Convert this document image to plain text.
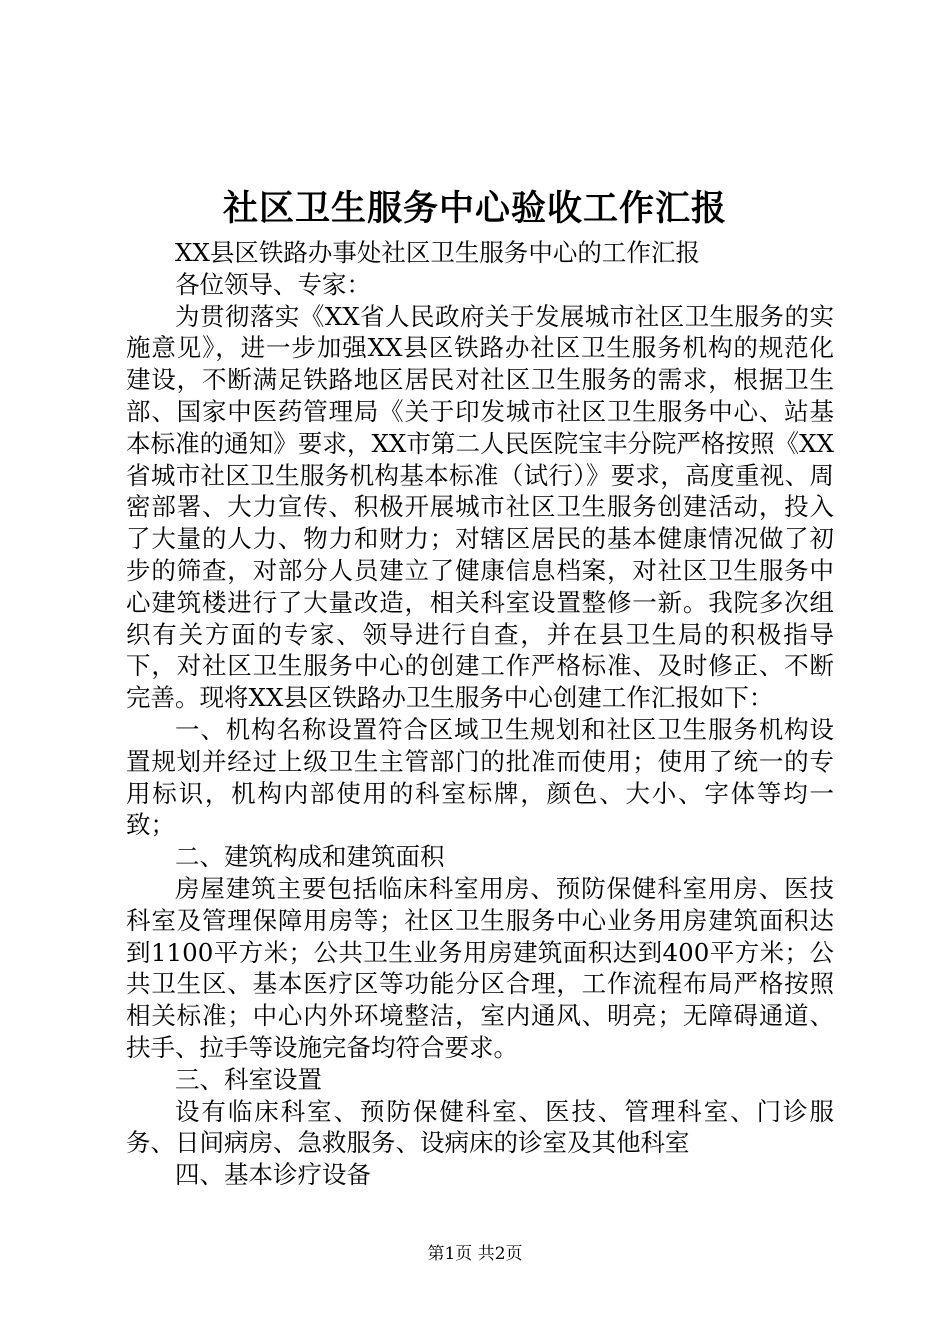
社区卫生服务中心验收工作汇报

XX县区铁路办事处社区卫生服务中心的工作汇报

各位领导、专家：

为贯彻落实《XX省人民政府关于发展城市社区卫生服务的实施意见》，进一步加强XX县区铁路办社区卫生服务机构的规范化建设，不断满足铁路地区居民对社区卫生服务的需求，根据卫生部、国家中医药管理局《关于印发城市社区卫生服务中心、站基本标准的通知》要求，XX市第二人民医院宝丰分院严格按照《XX省城市社区卫生服务机构基本标准（试行）》要求，高度重视、周密部署、大力宣传、积极开展城市社区卫生服务创建活动，投入了大量的人力、物力和财力；对辖区居民的基本健康情况做了初步的筛查，对部分人员建立了健康信息档案，对社区卫生服务中心建筑楼进行了大量改造，相关科室设置整修一新。我院多次组织有关方面的专家、领导进行自查，并在县卫生局的积极指导下，对社区卫生服务中心的创建工作严格标准、及时修正、不断完善。现将XX县区铁路办卫生服务中心创建工作汇报如下：

一、机构名称设置符合区域卫生规划和社区卫生服务机构设置规划并经过上级卫生主管部门的批准而使用；使用了统一的专用标识，机构内部使用的科室标牌，颜色、大小、字体等均一致；

二、建筑构成和建筑面积

房屋建筑主要包括临床科室用房、预防保健科室用房、医技科室及管理保障用房等；社区卫生服务中心业务用房建筑面积达到1100平方米；公共卫生业务用房建筑面积达到400平方米；公共卫生区、基本医疗区等功能分区合理，工作流程布局严格按照相关标准；中心内外环境整洁，室内通风、明亮；无障碍通道、扶手、拉手等设施完备均符合要求。

三、科室设置

设有临床科室、预防保健科室、医技、管理科室、门诊服务、日间病房、急救服务、设病床的诊室及其他科室

四、基本诊疗设备

第1页 共2页
